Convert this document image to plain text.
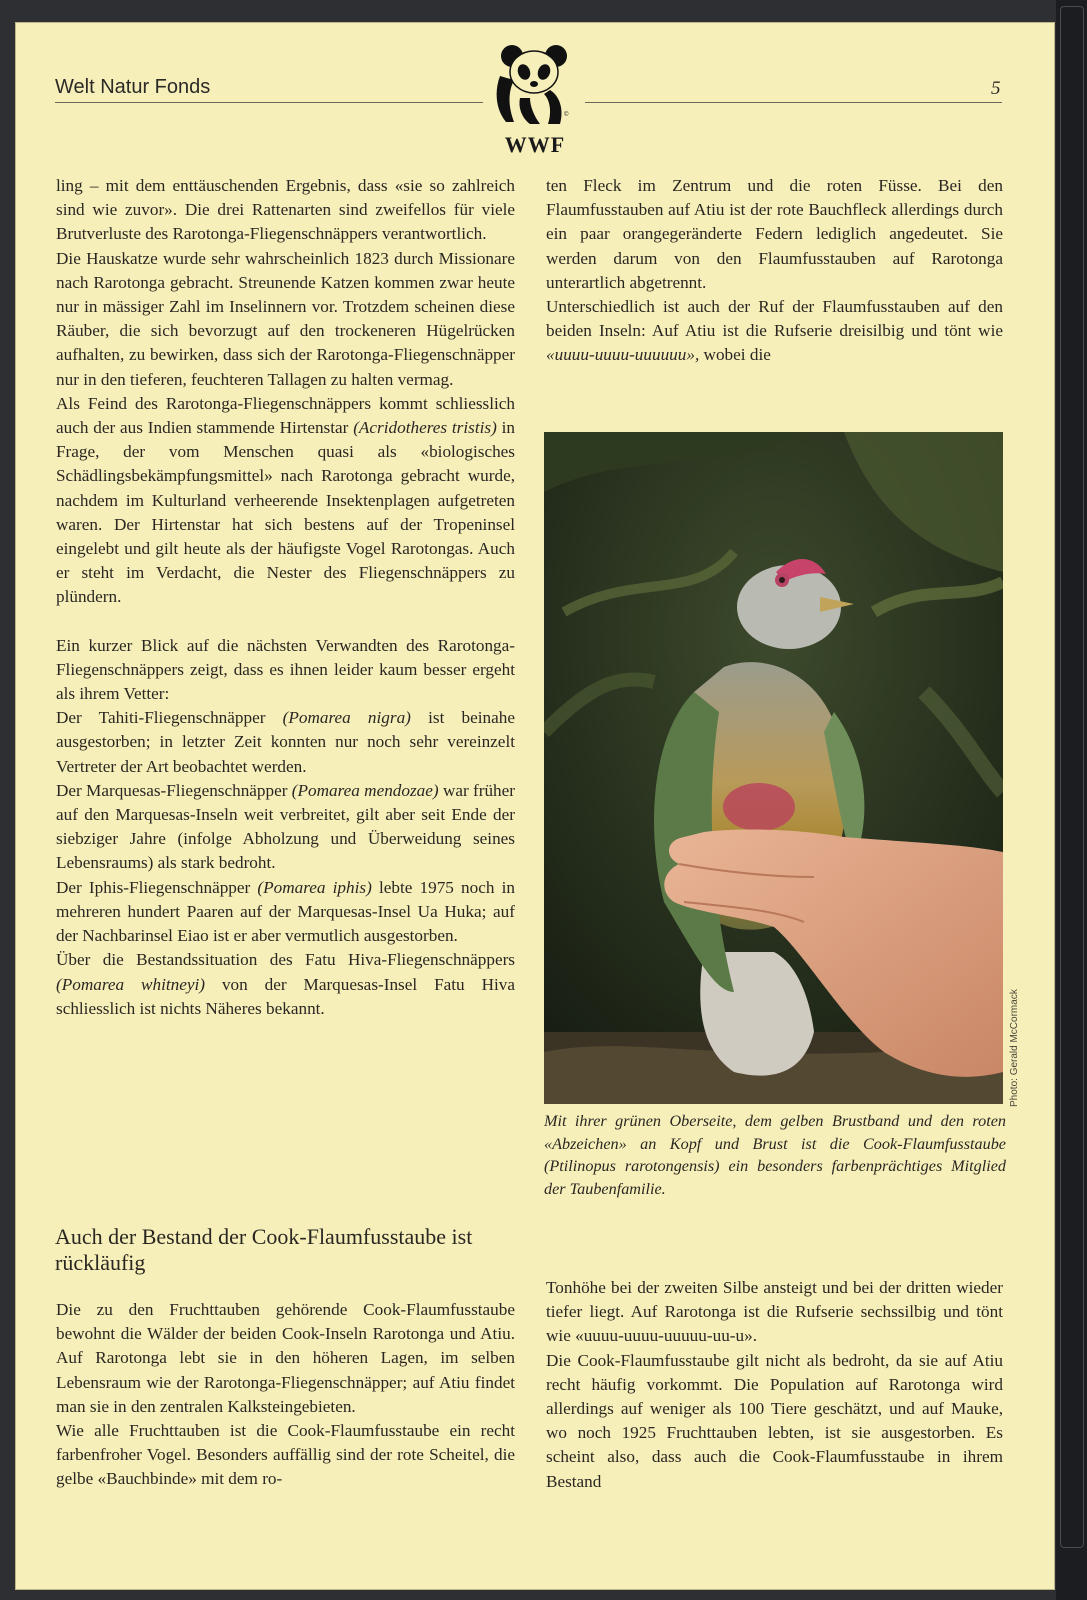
Welt Natur Fonds	5
©
WWF

ling – mit dem enttäuschenden Ergebnis, dass «sie so zahlreich sind wie zuvor». Die drei Rattenarten sind zweifellos für viele Brutverluste des Rarotonga-Fliegenschnäppers verantwortlich.

Die Hauskatze wurde sehr wahrscheinlich 1823 durch Missionare nach Rarotonga gebracht. Streunende Katzen kommen zwar heute nur in mässiger Zahl im Inselinnern vor. Trotzdem scheinen diese Räuber, die sich bevorzugt auf den trockeneren Hügelrücken aufhalten, zu bewirken, dass sich der Rarotonga-Fliegenschnäpper nur in den tieferen, feuchteren Tallagen zu halten vermag.

Als Feind des Rarotonga-Fliegenschnäppers kommt schliesslich auch der aus Indien stammende Hirtenstar (Acridotheres tristis) in Frage, der vom Menschen quasi als «biologisches Schädlingsbekämpfungsmittel» nach Rarotonga gebracht wurde, nachdem im Kulturland verheerende Insektenplagen aufgetreten waren. Der Hirtenstar hat sich bestens auf der Tropeninsel eingelebt und gilt heute als der häufigste Vogel Rarotongas. Auch er steht im Verdacht, die Nester des Fliegenschnäppers zu plündern.

Ein kurzer Blick auf die nächsten Verwandten des Rarotonga-Fliegenschnäppers zeigt, dass es ihnen leider kaum besser ergeht als ihrem Vetter:

Der Tahiti-Fliegenschnäpper (Pomarea nigra) ist beinahe ausgestorben; in letzter Zeit konnten nur noch sehr vereinzelt Vertreter der Art beobachtet werden.

Der Marquesas-Fliegenschnäpper (Pomarea mendozae) war früher auf den Marquesas-Inseln weit verbreitet, gilt aber seit Ende der siebziger Jahre (infolge Abholzung und Überweidung seines Lebensraums) als stark bedroht.

Der Iphis-Fliegenschnäpper (Pomarea iphis) lebte 1975 noch in mehreren hundert Paaren auf der Marquesas-Insel Ua Huka; auf der Nachbarinsel Eiao ist er aber vermutlich ausgestorben.

Über die Bestandssituation des Fatu Hiva-Fliegenschnäppers (Pomarea whitneyi) von der Marquesas-Insel Fatu Hiva schliesslich ist nichts Näheres bekannt.

Auch der Bestand der Cook-Flaumfusstaube ist rückläufig

Die zu den Fruchttauben gehörende Cook-Flaumfusstaube bewohnt die Wälder der beiden Cook-Inseln Rarotonga und Atiu. Auf Rarotonga lebt sie in den höheren Lagen, im selben Lebensraum wie der Rarotonga-Fliegenschnäpper; auf Atiu findet man sie in den zentralen Kalksteingebieten.

Wie alle Fruchttauben ist die Cook-Flaumfusstaube ein recht farbenfroher Vogel. Besonders auffällig sind der rote Scheitel, die gelbe «Bauchbinde» mit dem ro-

ten Fleck im Zentrum und die roten Füsse. Bei den Flaumfusstauben auf Atiu ist der rote Bauchfleck allerdings durch ein paar orangegeränderte Federn lediglich angedeutet. Sie werden darum von den Flaumfusstauben auf Rarotonga unterartlich abgetrennt.

Unterschiedlich ist auch der Ruf der Flaumfusstauben auf den beiden Inseln: Auf Atiu ist die Rufserie dreisilbig und tönt wie «uuuu-uuuu-uuuuuu», wobei die

Photo: Gerald McCormack
Mit ihrer grünen Oberseite, dem gelben Brustband und den roten «Abzeichen» an Kopf und Brust ist die Cook-Flaumfusstaube (Ptilinopus rarotongensis) ein besonders farbenprächtiges Mitglied der Taubenfamilie.

Tonhöhe bei der zweiten Silbe ansteigt und bei der dritten wieder tiefer liegt. Auf Rarotonga ist die Rufserie sechssilbig und tönt wie «uuuu-uuuu-uuuuu-uu-u».

Die Cook-Flaumfusstaube gilt nicht als bedroht, da sie auf Atiu recht häufig vorkommt. Die Population auf Rarotonga wird allerdings auf weniger als 100 Tiere geschätzt, und auf Mauke, wo noch 1925 Fruchttauben lebten, ist sie ausgestorben. Es scheint also, dass auch die Cook-Flaumfusstaube in ihrem Bestand
